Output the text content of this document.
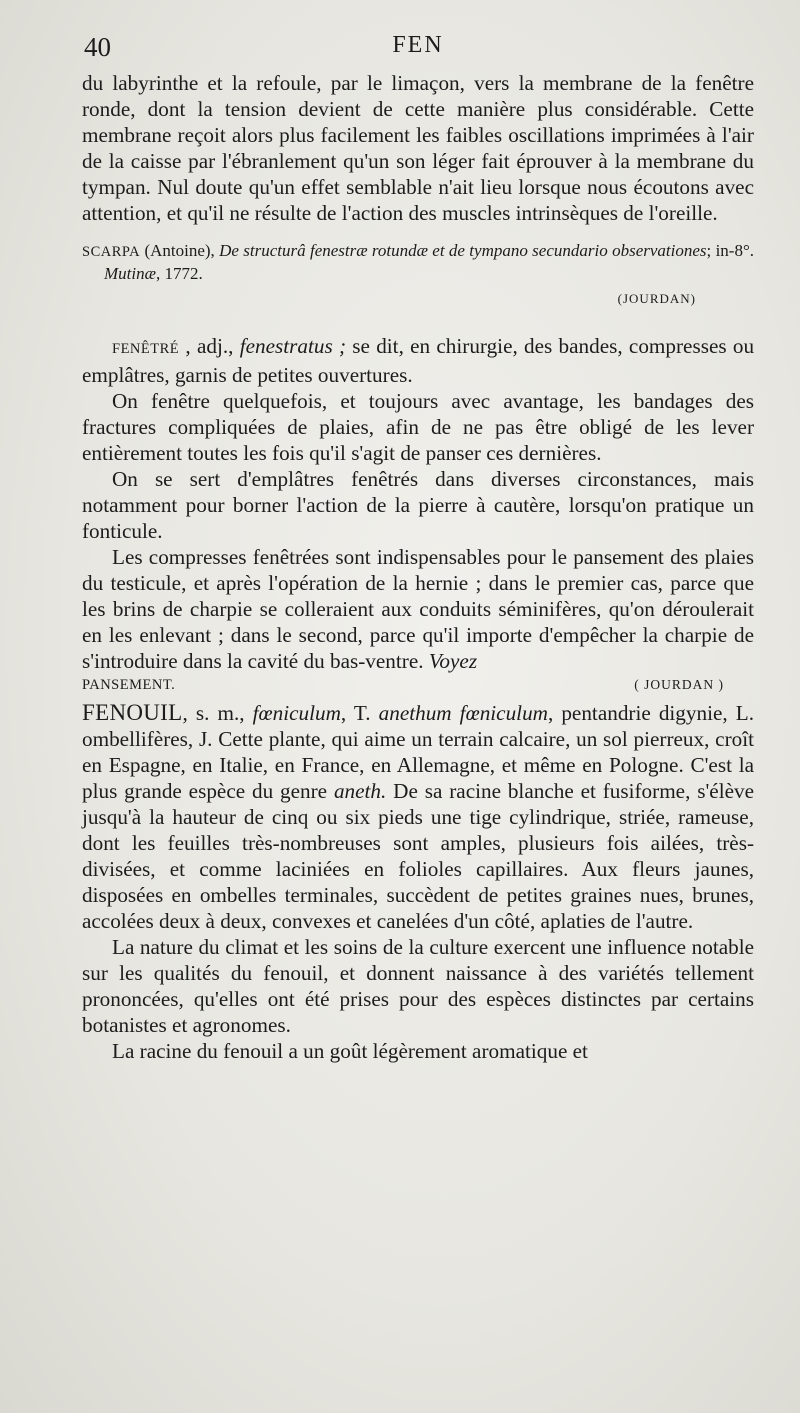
40	FEN

du labyrinthe et la refoule, par le limaçon, vers la membrane de la fenêtre ronde, dont la tension devient de cette manière plus considérable. Cette membrane reçoit alors plus facilement les faibles oscillations imprimées à l'air de la caisse par l'ébranlement qu'un son léger fait éprouver à la membrane du tympan. Nul doute qu'un effet semblable n'ait lieu lorsque nous écoutons avec attention, et qu'il ne résulte de l'action des muscles intrinsèques de l'oreille.

SCARPA (Antoine), De structurâ fenestræ rotundæ et de tympano secundario observationes; in-8°. Mutinæ, 1772.

(JOURDAN)

FENÊTRÉ , adj., fenestratus ; se dit, en chirurgie, des bandes, compresses ou emplâtres, garnis de petites ouvertures.

On fenêtre quelquefois, et toujours avec avantage, les bandages des fractures compliquées de plaies, afin de ne pas être obligé de les lever entièrement toutes les fois qu'il s'agit de panser ces dernières.

On se sert d'emplâtres fenêtrés dans diverses circonstances, mais notamment pour borner l'action de la pierre à cautère, lorsqu'on pratique un fonticule.

Les compresses fenêtrées sont indispensables pour le pansement des plaies du testicule, et après l'opération de la hernie ; dans le premier cas, parce que les brins de charpie se colleraient aux conduits séminifères, qu'on déroulerait en les enlevant ; dans le second, parce qu'il importe d'empêcher la charpie de s'introduire dans la cavité du bas-ventre. Voyez

PANSEMENT.	( JOURDAN )

FENOUIL, s. m., fœniculum, T. anethum fœniculum, pentandrie digynie, L. ombellifères, J. Cette plante, qui aime un terrain calcaire, un sol pierreux, croît en Espagne, en Italie, en France, en Allemagne, et même en Pologne. C'est la plus grande espèce du genre aneth. De sa racine blanche et fusiforme, s'élève jusqu'à la hauteur de cinq ou six pieds une tige cylindrique, striée, rameuse, dont les feuilles très-nombreuses sont amples, plusieurs fois ailées, très-divisées, et comme laciniées en folioles capillaires. Aux fleurs jaunes, disposées en ombelles terminales, succèdent de petites graines nues, brunes, accolées deux à deux, convexes et canelées d'un côté, aplaties de l'autre.

La nature du climat et les soins de la culture exercent une influence notable sur les qualités du fenouil, et donnent naissance à des variétés tellement prononcées, qu'elles ont été prises pour des espèces distinctes par certains botanistes et agronomes.

La racine du fenouil a un goût légèrement aromatique et
